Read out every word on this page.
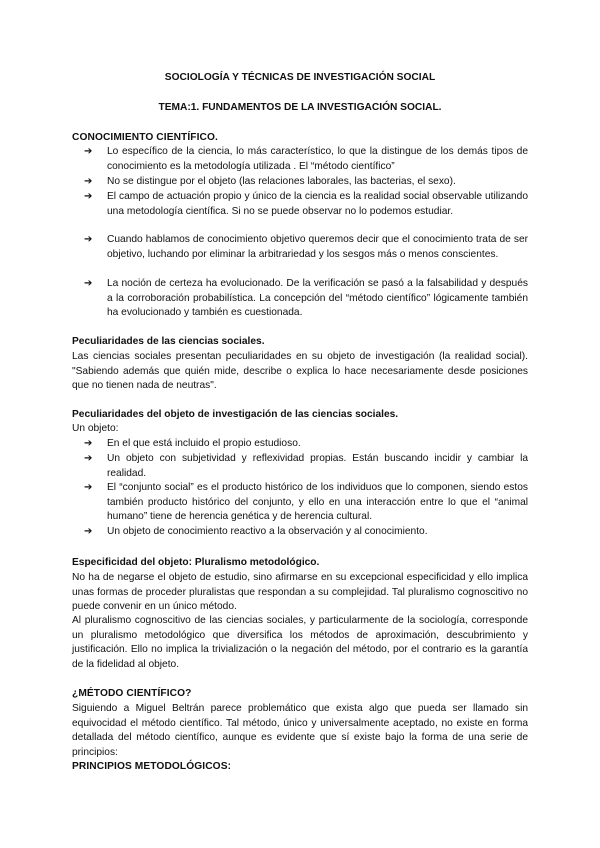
SOCIOLOGÍA Y TÉCNICAS DE INVESTIGACIÓN SOCIAL
TEMA:1. FUNDAMENTOS DE LA INVESTIGACIÓN SOCIAL.
CONOCIMIENTO CIENTÍFICO.
➔	Lo específico de la ciencia, lo más característico, lo que la distingue de los demás tipos de conocimiento es la metodología utilizada . El “método científico”
➔	No se distingue por el objeto (las relaciones laborales, las bacterias, el sexo).
➔	El campo de actuación propio y único de la ciencia es la realidad social observable utilizando una metodología científica. Si no se puede observar no lo podemos estudiar.
➔	Cuando hablamos de conocimiento objetivo queremos decir que el conocimiento trata de ser objetivo, luchando por eliminar la arbitrariedad y los sesgos más o menos conscientes.
➔	La noción de certeza ha evolucionado. De la verificación se pasó a la falsabilidad y después a la corroboración probabilística. La concepción del “método científico” lógicamente también ha evolucionado y también es cuestionada.
Peculiaridades de las ciencias sociales.
Las ciencias sociales presentan peculiaridades en su objeto de investigación (la realidad social). "Sabiendo además que quién mide, describe o explica lo hace necesariamente desde posiciones que no tienen nada de neutras".
Peculiaridades del objeto de investigación de las ciencias sociales.
Un objeto:
➔	En el que está incluido el propio estudioso.
➔	Un objeto con subjetividad y reflexividad propias. Están buscando incidir y cambiar la realidad.
➔	El “conjunto social” es el producto histórico de los individuos que lo componen, siendo estos también producto histórico del conjunto, y ello en una interacción entre lo que el “animal humano” tiene de herencia genética y de herencia cultural.
➔	Un objeto de conocimiento reactivo a la observación y al conocimiento.
Especificidad del objeto: Pluralismo metodológico.
No ha de negarse el objeto de estudio, sino afirmarse en su excepcional especificidad y ello implica unas formas de proceder pluralistas que respondan a su complejidad. Tal pluralismo cognoscitivo no puede convenir en un único método.
Al pluralismo cognoscitivo de las ciencias sociales, y particularmente de la sociología, corresponde un pluralismo metodológico que diversifica los métodos de aproximación, descubrimiento y justificación. Ello no implica la trivialización o la negación del método, por el contrario es la garantía de la fidelidad al objeto.
¿MÉTODO CIENTÍFICO?
Siguiendo a Miguel Beltrán parece problemático que exista algo que pueda ser llamado sin equivocidad el método científico. Tal método, único y universalmente aceptado, no existe en forma detallada del método científico, aunque es evidente que sí existe bajo la forma de una serie de principios:
PRINCIPIOS METODOLÓGICOS:
